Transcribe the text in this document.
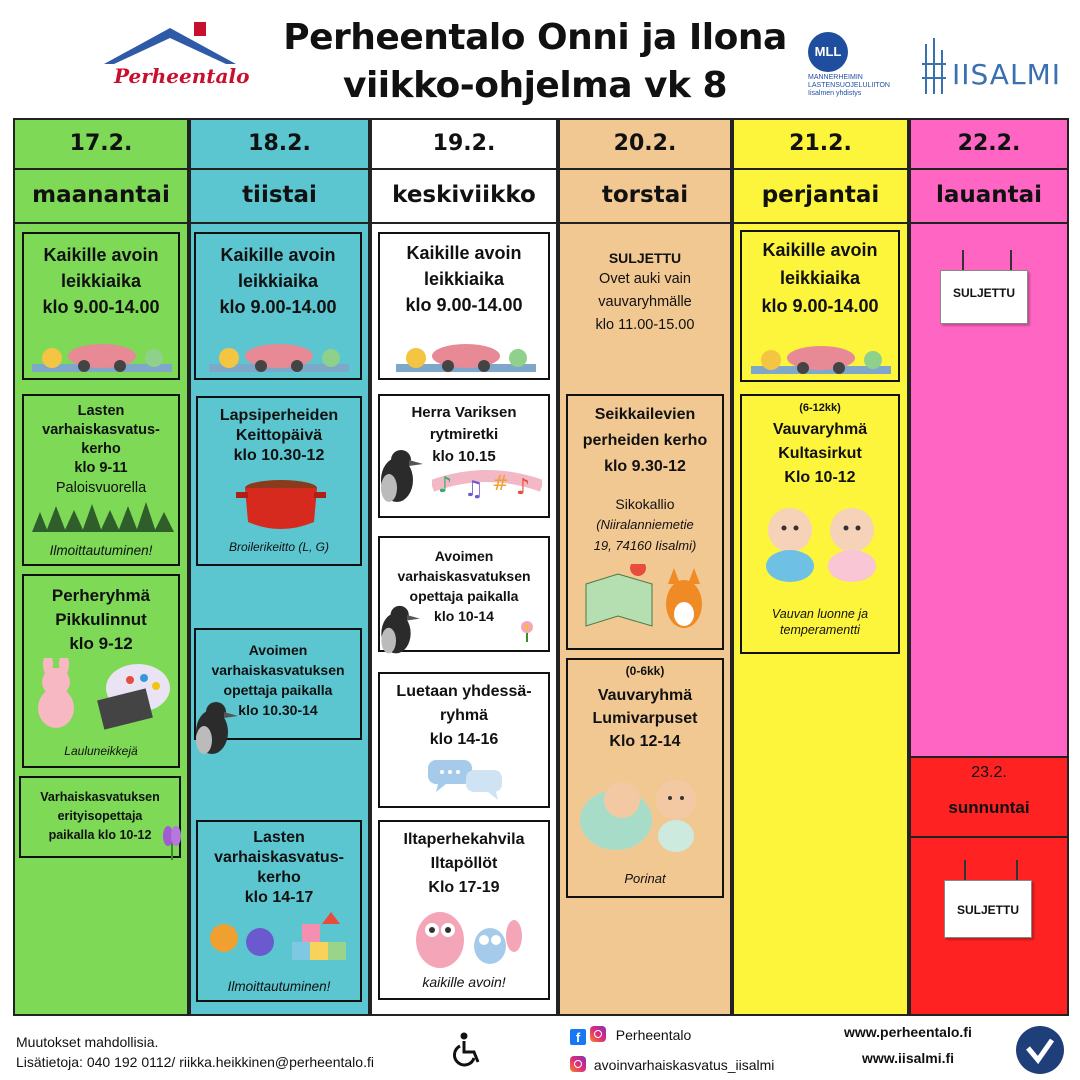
Perheentalo
Perheentalo Onni ja Ilona
viikko-ohjelma vk 8
MLL
MANNERHEIMIN LASTENSUOJELULIITON Iisalmen yhdistys
IISALMI
17.2.
maanantai
18.2.
tiistai
19.2.
keskiviikko
20.2.
torstai
21.2.
perjantai
22.2.
lauantai
Kaikille avoin
leikkiaika
klo 9.00-14.00
Lasten
varhaiskasvatus-
kerho
klo 9-11
Paloisvuorella
Ilmoittautuminen!
Perheryhmä
Pikkulinnut
klo 9-12
Lauluneikkejä
Varhaiskasvatuksen
erityisopettaja
paikalla klo 10-12
Kaikille avoin
leikkiaika
klo 9.00-14.00
Lapsiperheiden
Keittopäivä
klo 10.30-12
Broilerikeitto (L, G)
Avoimen
varhaiskasvatuksen
opettaja paikalla
klo 10.30-14
Lasten
varhaiskasvatus-
kerho
klo 14-17
Ilmoittautuminen!
Kaikille avoin
leikkiaika
klo 9.00-14.00
Herra Variksen
rytmiretki
klo 10.15
♪ ♫ # ♪
Avoimen
varhaiskasvatuksen
opettaja paikalla
klo 10-14
Luetaan yhdessä-
ryhmä
klo 14-16
Iltaperhekahvila
Iltapöllöt
Klo 17-19
kaikille avoin!
SULJETTU
Ovet auki vain
vauvaryhmälle
klo 11.00-15.00
Seikkailevien
perheiden kerho
klo 9.30-12
Sikokallio
(Niiralanniemetie
19, 74160 Iisalmi)
(0-6kk)
Vauvaryhmä
Lumivarpuset
Klo 12-14
Porinat
Kaikille avoin
leikkiaika
klo 9.00-14.00
(6-12kk)
Vauvaryhmä
Kultasirkut
Klo 10-12
Vauvan luonne ja
temperamentti
SULJETTU
23.2.
sunnuntai
SULJETTU
Muutokset mahdollisia.
Lisätietoja: 040 192 0112/ riikka.heikkinen@perheentalo.fi
f	Perheentalo
avoinvarhaiskasvatus_iisalmi
www.perheentalo.fi
www.iisalmi.fi
